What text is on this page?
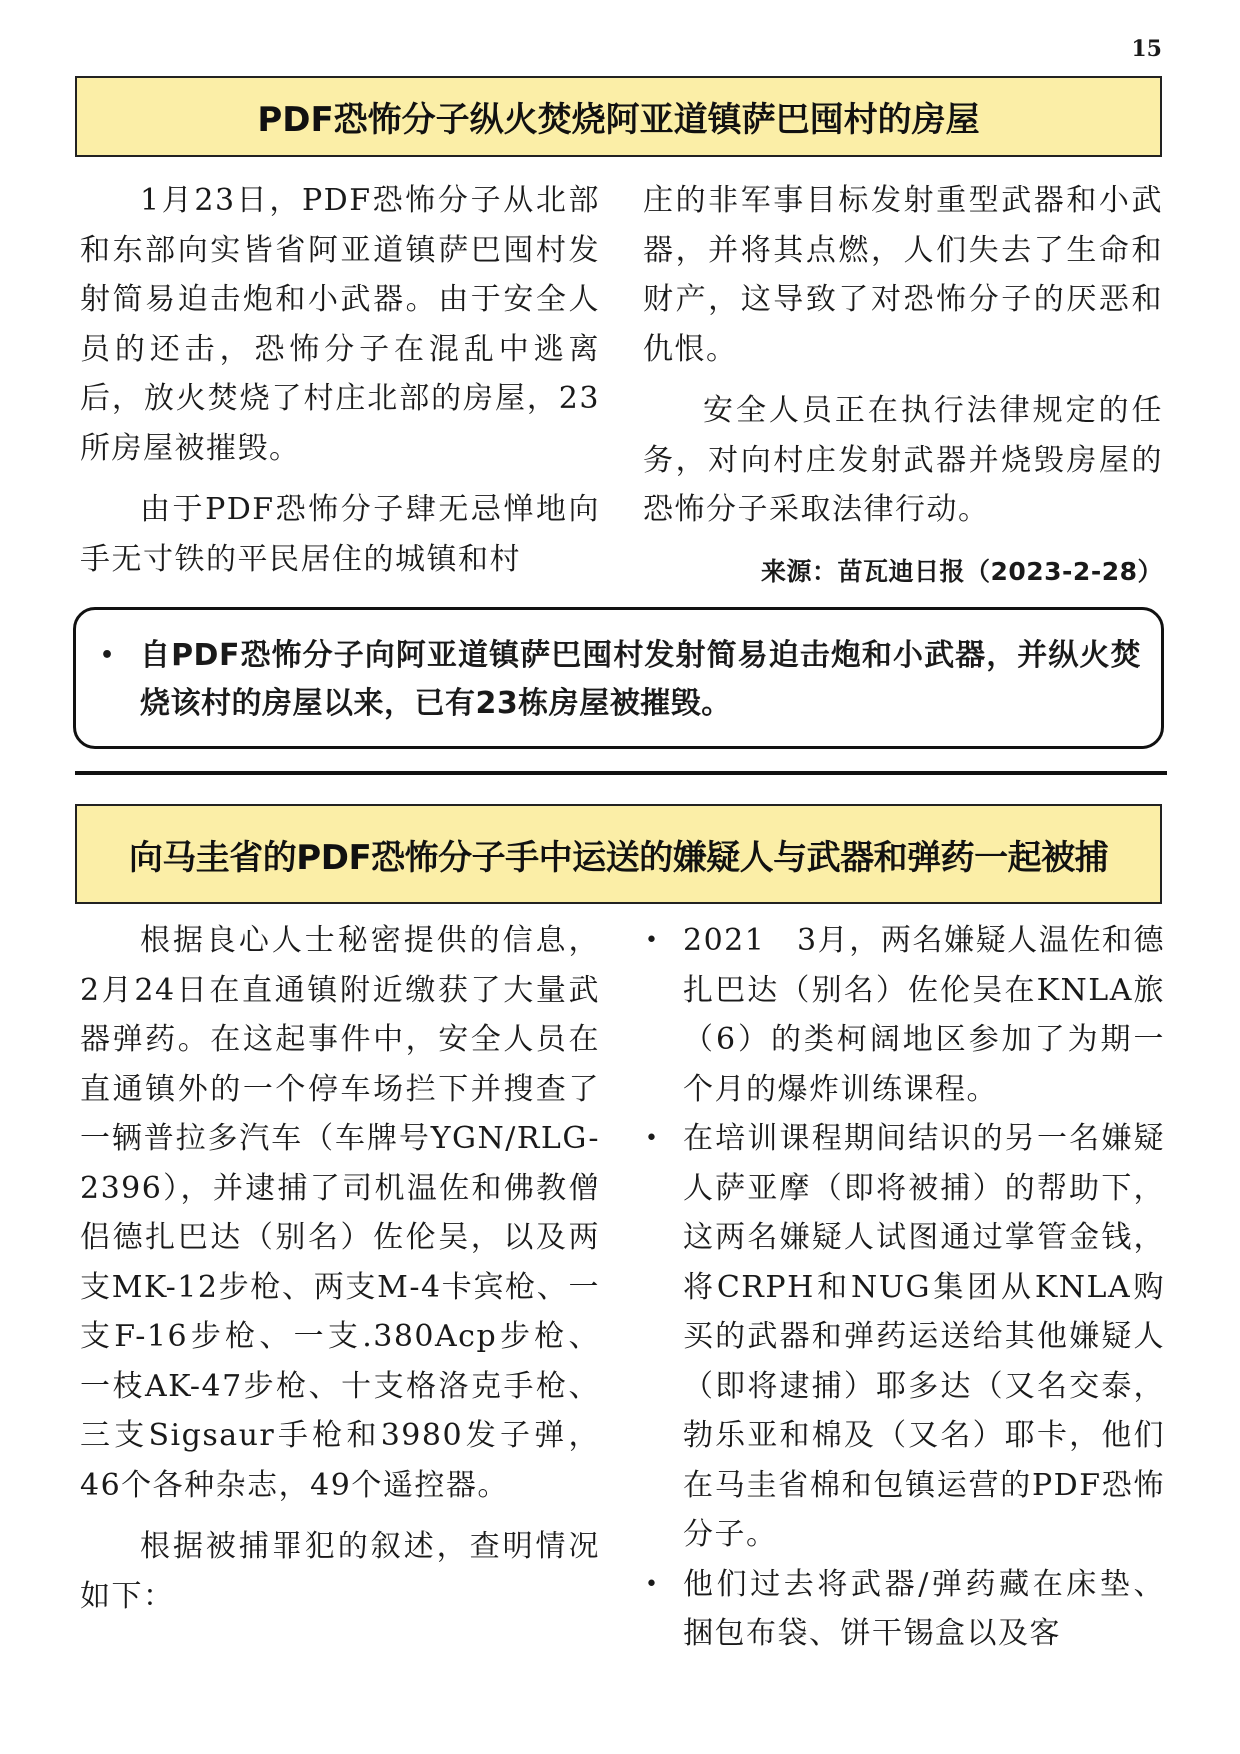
15
PDF恐怖分子纵火焚烧阿亚道镇萨巴囤村的房屋

1月23日，PDF恐怖分子从北部和东部向实皆省阿亚道镇萨巴囤村发射简易迫击炮和小武器。由于安全人员的还击，恐怖分子在混乱中逃离后，放火焚烧了村庄北部的房屋，23所房屋被摧毁。

由于PDF恐怖分子肆无忌惮地向手无寸铁的平民居住的城镇和村

庄的非军事目标发射重型武器和小武器，并将其点燃，人们失去了生命和财产，这导致了对恐怖分子的厌恶和仇恨。

安全人员正在执行法律规定的任务，对向村庄发射武器并烧毁房屋的恐怖分子采取法律行动。

来源：苗瓦迪日报（2023-2-28）
• 自PDF恐怖分子向阿亚道镇萨巴囤村发射简易迫击炮和小武器，并纵火焚烧该村的房屋以来，已有23栋房屋被摧毁。
向马圭省的PDF恐怖分子手中运送的嫌疑人与武器和弹药一起被捕

根据良心人士秘密提供的信息，2月24日在直通镇附近缴获了大量武器弹药。在这起事件中，安全人员在直通镇外的一个停车场拦下并搜查了一辆普拉多汽车（车牌号YGN/RLG-2396），并逮捕了司机温佐和佛教僧侣德扎巴达（别名）佐伦吴，以及两支MK-12步枪、两支M-4卡宾枪、一支F-16步枪、一支.380Acp步枪、一枝AK-47步枪、十支格洛克手枪、三支Sigsaur手枪和3980发子弹，46个各种杂志，49个遥控器。

根据被捕罪犯的叙述，查明情况如下：

• 2021　3月，两名嫌疑人温佐和德扎巴达（别名）佐伦吴在KNLA旅（6）的类柯阔地区参加了为期一个月的爆炸训练课程。
• 在培训课程期间结识的另一名嫌疑人萨亚摩（即将被捕）的帮助下，这两名嫌疑人试图通过掌管金钱，将CRPH和NUG集团从KNLA购买的武器和弹药运送给其他嫌疑人（即将逮捕）耶多达（又名交泰，勃乐亚和棉及（又名）耶卡，他们在马圭省棉和包镇运营的PDF恐怖分子。
• 他们过去将武器/弹药藏在床垫、捆包布袋、饼干锡盒以及客
